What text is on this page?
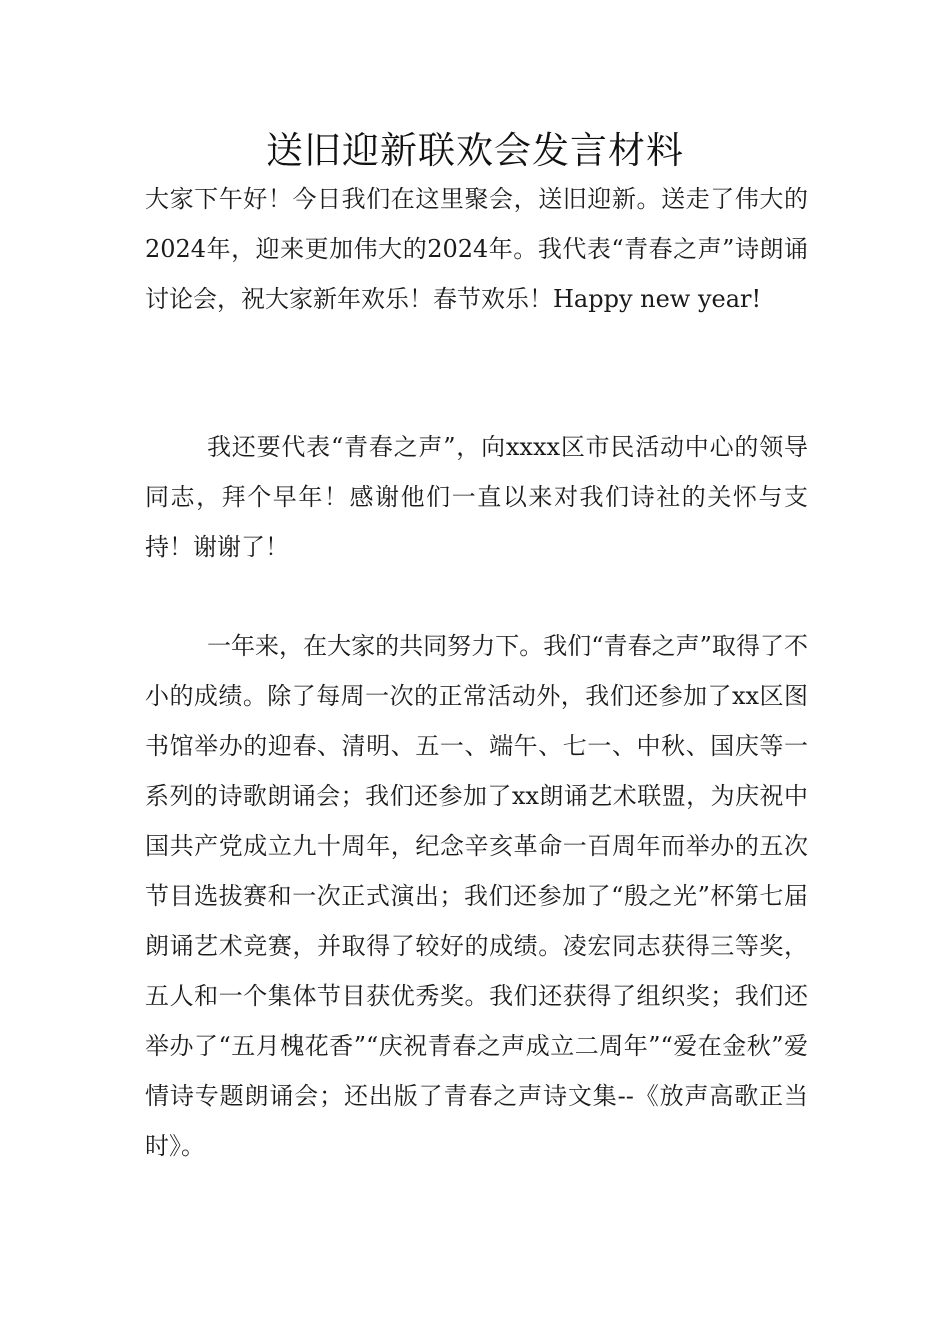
送旧迎新联欢会发言材料

大家下午好！今日我们在这里聚会，送旧迎新。送走了伟大的2024年，迎来更加伟大的2024年。我代表“青春之声”诗朗诵讨论会，祝大家新年欢乐！春节欢乐！Happy new year!

我还要代表“青春之声”，向xxxx区市民活动中心的领导同志，拜个早年！感谢他们一直以来对我们诗社的关怀与支持！谢谢了！

一年来，在大家的共同努力下。我们“青春之声”取得了不小的成绩。除了每周一次的正常活动外，我们还参加了xx区图书馆举办的迎春、清明、五一、端午、七一、中秋、国庆等一系列的诗歌朗诵会；我们还参加了xx朗诵艺术联盟，为庆祝中国共产党成立九十周年，纪念辛亥革命一百周年而举办的五次节目选拔赛和一次正式演出；我们还参加了“殷之光”杯第七届朗诵艺术竞赛，并取得了较好的成绩。凌宏同志获得三等奖，五人和一个集体节目获优秀奖。我们还获得了组织奖；我们还举办了“五月槐花香”“庆祝青春之声成立二周年”“爱在金秋”爱情诗专题朗诵会；还出版了青春之声诗文集--《放声高歌正当时》。
